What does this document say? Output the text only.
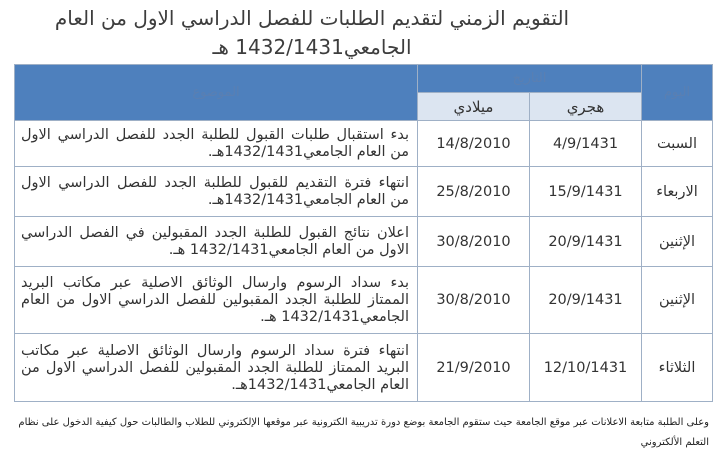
التقويم الزمني لتقديم الطلبات للفصل الدراسي الاول من العام الجامعي1432/1431 هـ
اليوم	التاريخ		الموضوع
	هجري	ميلادي	
السبت	4/9/1431	14/8/2010	بدء استقبال طلبات القبول للطلبة الجدد للفصل الدراسي الاول من العام الجامعي1432/1431هـ.
الاربعاء	15/9/1431	25/8/2010	انتهاء فترة التقديم للقبول للطلبة الجدد للفصل الدراسي الاول من العام الجامعي1432/1431هـ.
الإثنين	20/9/1431	30/8/2010	اعلان نتائج القبول للطلبة الجدد المقبولين في الفصل الدراسي الاول من العام الجامعي1432/1431 هـ.
الإثنين	20/9/1431	30/8/2010	بدء سداد الرسوم وارسال الوثائق الاصلية عبر مكاتب البريد الممتاز للطلبة الجدد المقبولين للفصل الدراسي الاول من العام الجامعي1432/1431 هـ.
الثلاثاء	12/10/1431	21/9/2010	انتهاء فترة سداد الرسوم وارسال الوثائق الاصلية عبر مكاتب البريد الممتاز للطلبة الجدد المقبولين للفصل الدراسي الاول من العام الجامعي1432/1431هـ.
وعلى الطلبة متابعة الاعلانات عبر موقع الجامعة حيث ستقوم الجامعة بوضع دورة تدريبية الكترونية عبر موقعها الإلكتروني للطلاب والطالبات حول كيفية الدخول على نظام التعلم الألكتروني
